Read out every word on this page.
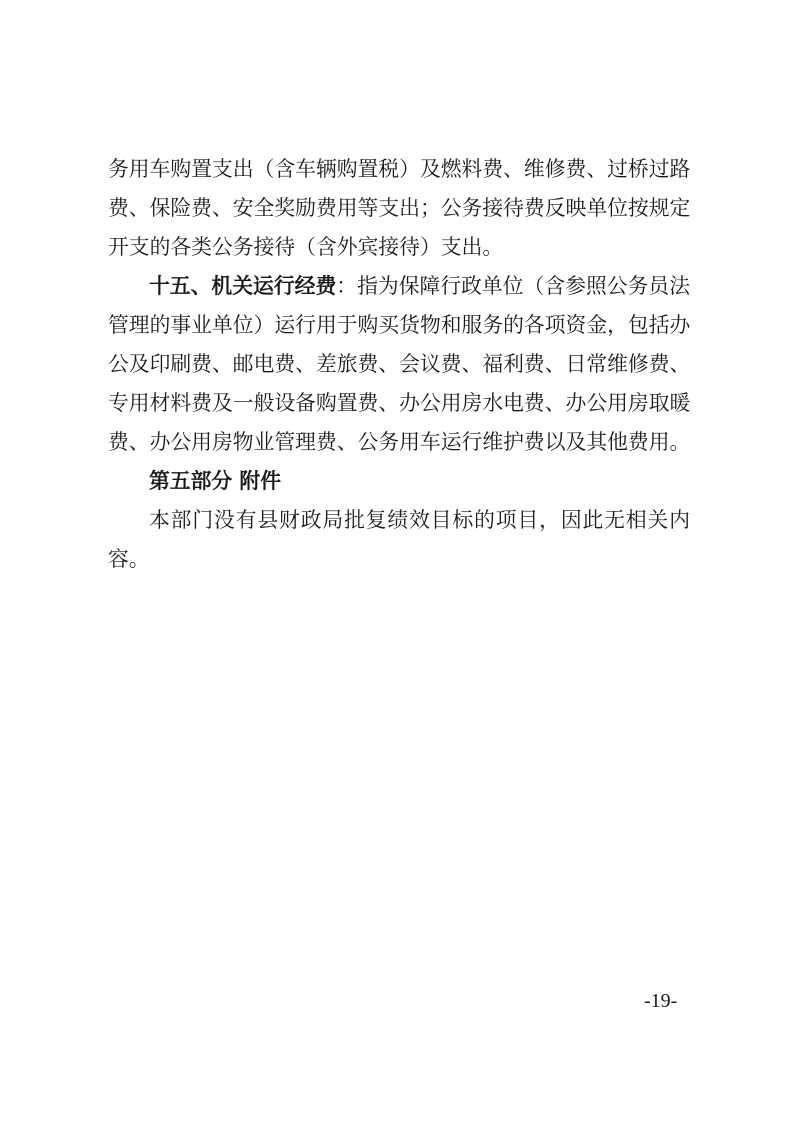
务用车购置支出（含车辆购置税）及燃料费、维修费、过桥过路
费、保险费、安全奖励费用等支出；公务接待费反映单位按规定
开支的各类公务接待（含外宾接待）支出。
十五、机关运行经费：指为保障行政单位（含参照公务员法
管理的事业单位）运行用于购买货物和服务的各项资金，包括办
公及印刷费、邮电费、差旅费、会议费、福利费、日常维修费、
专用材料费及一般设备购置费、办公用房水电费、办公用房取暖
费、办公用房物业管理费、公务用车运行维护费以及其他费用。
第五部分 附件
本部门没有县财政局批复绩效目标的项目，因此无相关内
容。
-19-
